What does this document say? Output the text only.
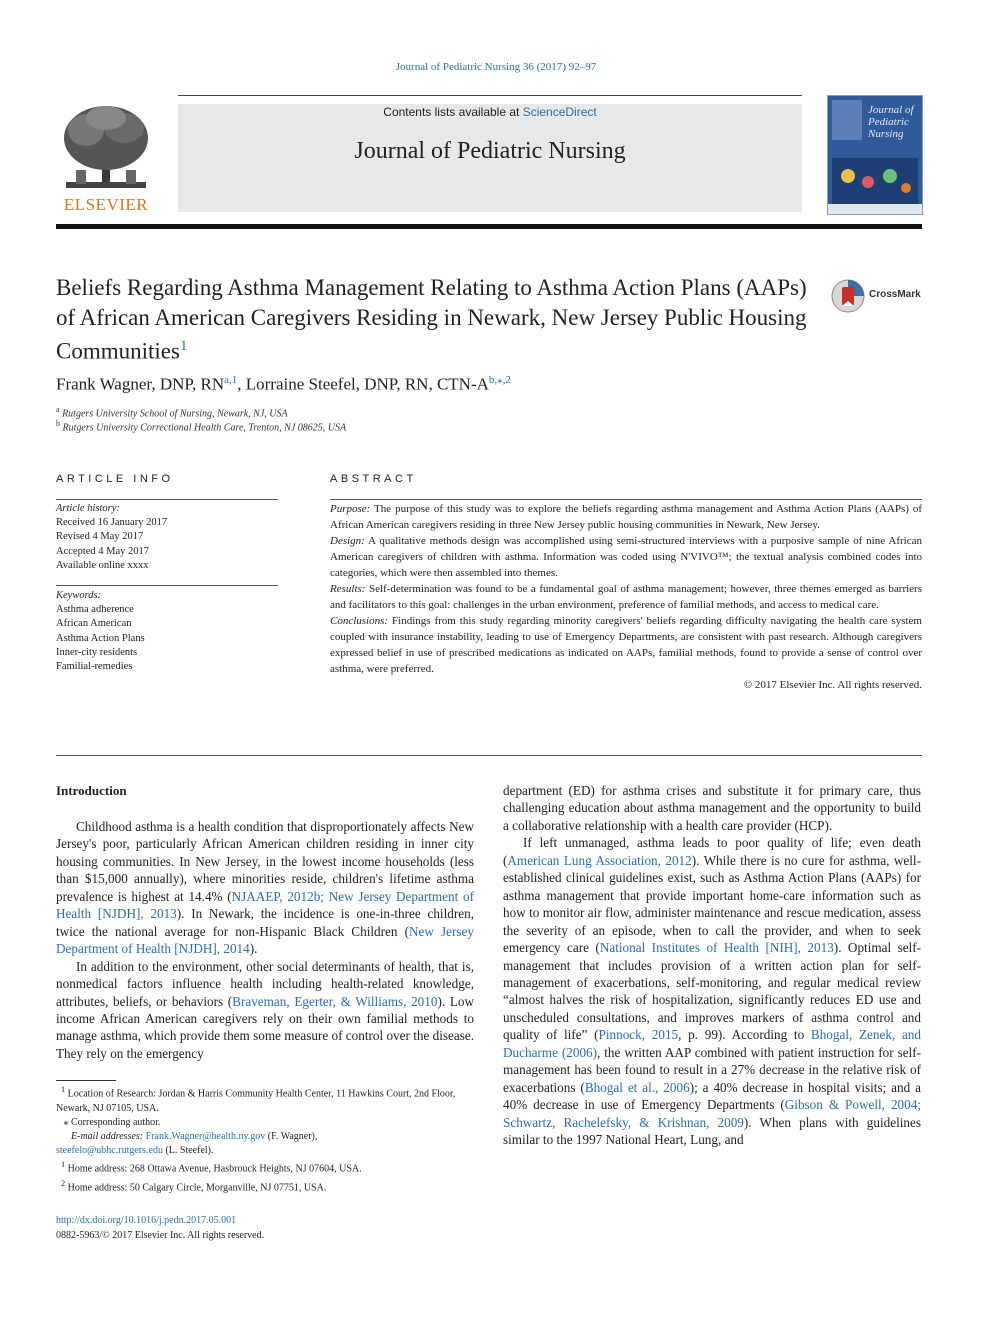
Journal of Pediatric Nursing 36 (2017) 92–97
ELSEVIER
Contents lists available at ScienceDirect
Journal of Pediatric Nursing
Journal of Pediatric Nursing
Beliefs Regarding Asthma Management Relating to Asthma Action Plans (AAPs) of African American Caregivers Residing in Newark, New Jersey Public Housing Communities$^1$
CrossMark
Frank Wagner, DNP, RN$^{a,1}$, Lorraine Steefel, DNP, RN, CTN-$A^{b,⁎,2}$
$^a$ Rutgers University School of Nursing, Newark, NJ, USA
$^b$ Rutgers University Correctional Health Care, Trenton, NJ 08625, USA
ARTICLE INFO
Article history:
Received 16 January 2017
Revised 4 May 2017
Accepted 4 May 2017
Available online xxxx
Keywords:
Asthma adherence
African American
Asthma Action Plans
Inner-city residents
Familial-remedies
ABSTRACT

Purpose: The purpose of this study was to explore the beliefs regarding asthma management and Asthma Action Plans (AAPs) of African American caregivers residing in three New Jersey public housing communities in Newark, New Jersey.

Design: A qualitative methods design was accomplished using semi-structured interviews with a purposive sample of nine African American caregivers of children with asthma. Information was coded using N'VIVO™; the textual analysis combined codes into categories, which were then assembled into themes.

Results: Self-determination was found to be a fundamental goal of asthma management; however, three themes emerged as barriers and facilitators to this goal: challenges in the urban environment, preference of familial methods, and access to medical care.

Conclusions: Findings from this study regarding minority caregivers' beliefs regarding difficulty navigating the health care system coupled with insurance instability, leading to use of Emergency Departments, are consistent with past research. Although caregivers expressed belief in use of prescribed medications as indicated on AAPs, familial methods, found to provide a sense of control over asthma, were preferred.

© 2017 Elsevier Inc. All rights reserved.

Introduction

Childhood asthma is a health condition that disproportionately affects New Jersey's poor, particularly African American children residing in inner city housing communities. In New Jersey, in the lowest income households (less than $15,000 annually), where minorities reside, children's lifetime asthma prevalence is highest at 14.4% (NJAAEP, 2012b; New Jersey Department of Health [NJDH], 2013). In Newark, the incidence is one-in-three children, twice the national average for non-Hispanic Black Children (New Jersey Department of Health [NJDH], 2014).

In addition to the environment, other social determinants of health, that is, nonmedical factors influence health including health-related knowledge, attributes, beliefs, or behaviors (Braveman, Egerter, & Williams, 2010). Low income African American caregivers rely on their own familial methods to manage asthma, which provide them some measure of control over the disease. They rely on the emergency

department (ED) for asthma crises and substitute it for primary care, thus challenging education about asthma management and the opportunity to build a collaborative relationship with a health care provider (HCP).

If left unmanaged, asthma leads to poor quality of life; even death (American Lung Association, 2012). While there is no cure for asthma, well-established clinical guidelines exist, such as Asthma Action Plans (AAPs) for asthma management that provide important home-care information such as how to monitor air flow, administer maintenance and rescue medication, assess the severity of an episode, when to call the provider, and when to seek emergency care (National Institutes of Health [NIH], 2013). Optimal self-management that includes provision of a written action plan for self-management of exacerbations, self-monitoring, and regular medical review “almost halves the risk of hospitalization, significantly reduces ED use and unscheduled consultations, and improves markers of asthma control and quality of life” (Pinnock, 2015, p. 99). According to Bhogal, Zenek, and Ducharme (2006), the written AAP combined with patient instruction for self-management has been found to result in a 27% decrease in the relative risk of exacerbations (Bhogal et al., 2006); a 40% decrease in hospital visits; and a 40% decrease in use of Emergency Departments (Gibson & Powell, 2004; Schwartz, Rachelefsky, & Krishnan, 2009). When plans with guidelines similar to the 1997 National Heart, Lung, and

$^1$ Location of Research: Jordan & Harris Community Health Center, 11 Hawkins Court, 2nd Floor, Newark, NJ 07105, USA.

⁎ Corresponding author.

E-mail addresses: Frank.Wagner@health.ny.gov (F. Wagner),
steefelo@ubhc.rutgers.edu (L. Steefel).

$^1$ Home address: 268 Ottawa Avenue, Hasbrouck Heights, NJ 07604, USA.

$^2$ Home address: 50 Calgary Circle, Morganville, NJ 07751, USA.

http://dx.doi.org/10.1016/j.pedn.2017.05.001

0882-5963/© 2017 Elsevier Inc. All rights reserved.
